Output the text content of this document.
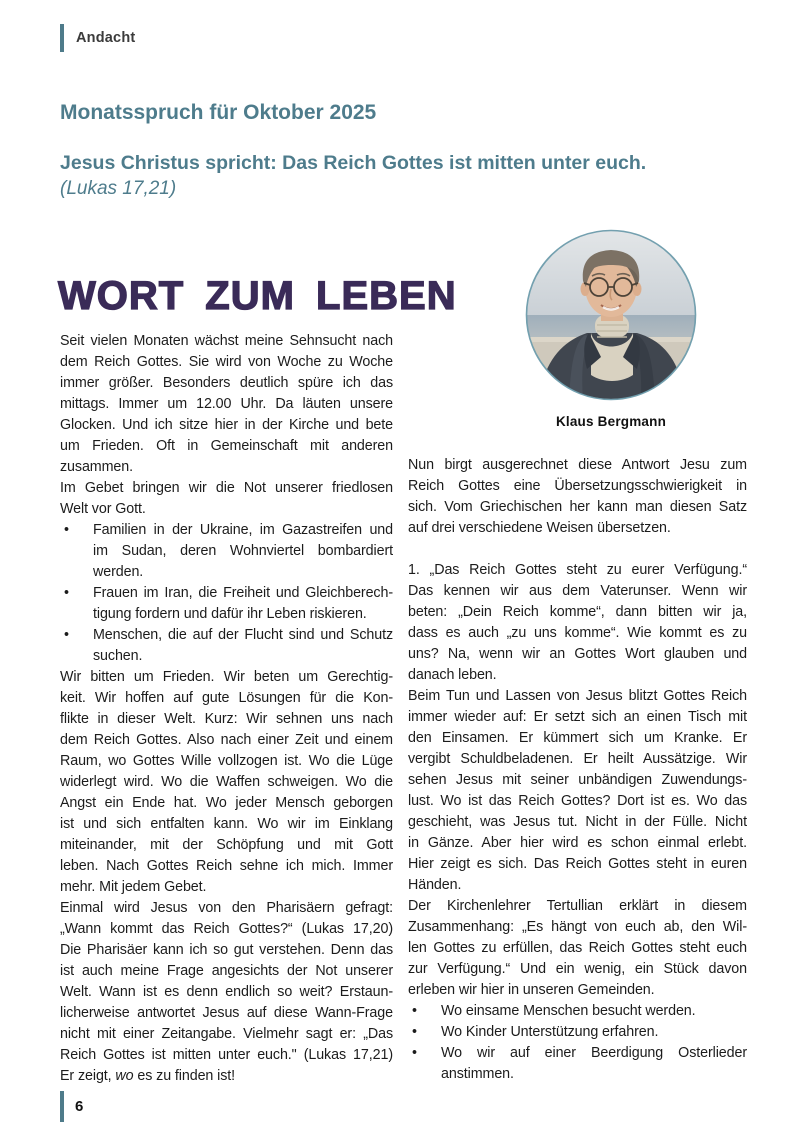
Andacht
Monatsspruch für Oktober 2025

Jesus Christus spricht: Das Reich Gottes ist mitten unter euch.

(Lukas 17,21)

WORT ZUM LEBEN
Klaus Bergmann
Seit vielen Monaten wächst meine Sehnsucht nach
dem Reich Gottes. Sie wird von Woche zu Woche
immer größer. Besonders deutlich spüre ich das
mittags. Immer um 12.00 Uhr. Da läuten unsere
Glocken. Und ich sitze hier in der Kirche und bete
um Frieden. Oft in Gemeinschaft mit anderen
zusammen.
Im Gebet bringen wir die Not unserer friedlosen
Welt vor Gott.
•	Familien in der Ukraine, im Gazastreifen und
im Sudan, deren Wohnviertel bombardiert
werden.
•	Frauen im Iran, die Freiheit und Gleichberech-
tigung fordern und dafür ihr Leben riskieren.
•	Menschen, die auf der Flucht sind und Schutz
suchen.
Wir bitten um Frieden. Wir beten um Gerechtig-
keit. Wir hoffen auf gute Lösungen für die Kon-
flikte in dieser Welt. Kurz: Wir sehnen uns nach
dem Reich Gottes. Also nach einer Zeit und einem
Raum, wo Gottes Wille vollzogen ist. Wo die Lüge
widerlegt wird. Wo die Waffen schweigen. Wo die
Angst ein Ende hat. Wo jeder Mensch geborgen
ist und sich entfalten kann. Wo wir im Einklang
miteinander, mit der Schöpfung und mit Gott
leben. Nach Gottes Reich sehne ich mich. Immer
mehr. Mit jedem Gebet.
Einmal wird Jesus von den Pharisäern gefragt:
„Wann kommt das Reich Gottes?“ (Lukas 17,20)
Die Pharisäer kann ich so gut verstehen. Denn das
ist auch meine Frage angesichts der Not unserer
Welt. Wann ist es denn endlich so weit? Erstaun-
licherweise antwortet Jesus auf diese Wann-Frage
nicht mit einer Zeitangabe. Vielmehr sagt er: „Das
Reich Gottes ist mitten unter euch." (Lukas 17,21)
Er zeigt, wo es zu finden ist!
Nun birgt ausgerechnet diese Antwort Jesu zum
Reich Gottes eine Übersetzungsschwierigkeit in
sich. Vom Griechischen her kann man diesen Satz
auf drei verschiedene Weisen übersetzen.
1. „Das Reich Gottes steht zu eurer Verfügung.“
Das kennen wir aus dem Vaterunser. Wenn wir
beten: „Dein Reich komme“, dann bitten wir ja,
dass es auch „zu uns komme“. Wie kommt es zu
uns? Na, wenn wir an Gottes Wort glauben und
danach leben.
Beim Tun und Lassen von Jesus blitzt Gottes Reich
immer wieder auf: Er setzt sich an einen Tisch mit
den Einsamen. Er kümmert sich um Kranke. Er
vergibt Schuldbeladenen. Er heilt Aussätzige. Wir
sehen Jesus mit seiner unbändigen Zuwendungs-
lust. Wo ist das Reich Gottes? Dort ist es. Wo das
geschieht, was Jesus tut. Nicht in der Fülle. Nicht
in Gänze. Aber hier wird es schon einmal erlebt.
Hier zeigt es sich. Das Reich Gottes steht in euren
Händen.
Der Kirchenlehrer Tertullian erklärt in diesem
Zusammenhang: „Es hängt von euch ab, den Wil-
len Gottes zu erfüllen, das Reich Gottes steht euch
zur Verfügung.“ Und ein wenig, ein Stück davon
erleben wir hier in unseren Gemeinden.
•	Wo einsame Menschen besucht werden.
•	Wo Kinder Unterstützung erfahren.
•	Wo wir auf einer Beerdigung Osterlieder
anstimmen.
6
